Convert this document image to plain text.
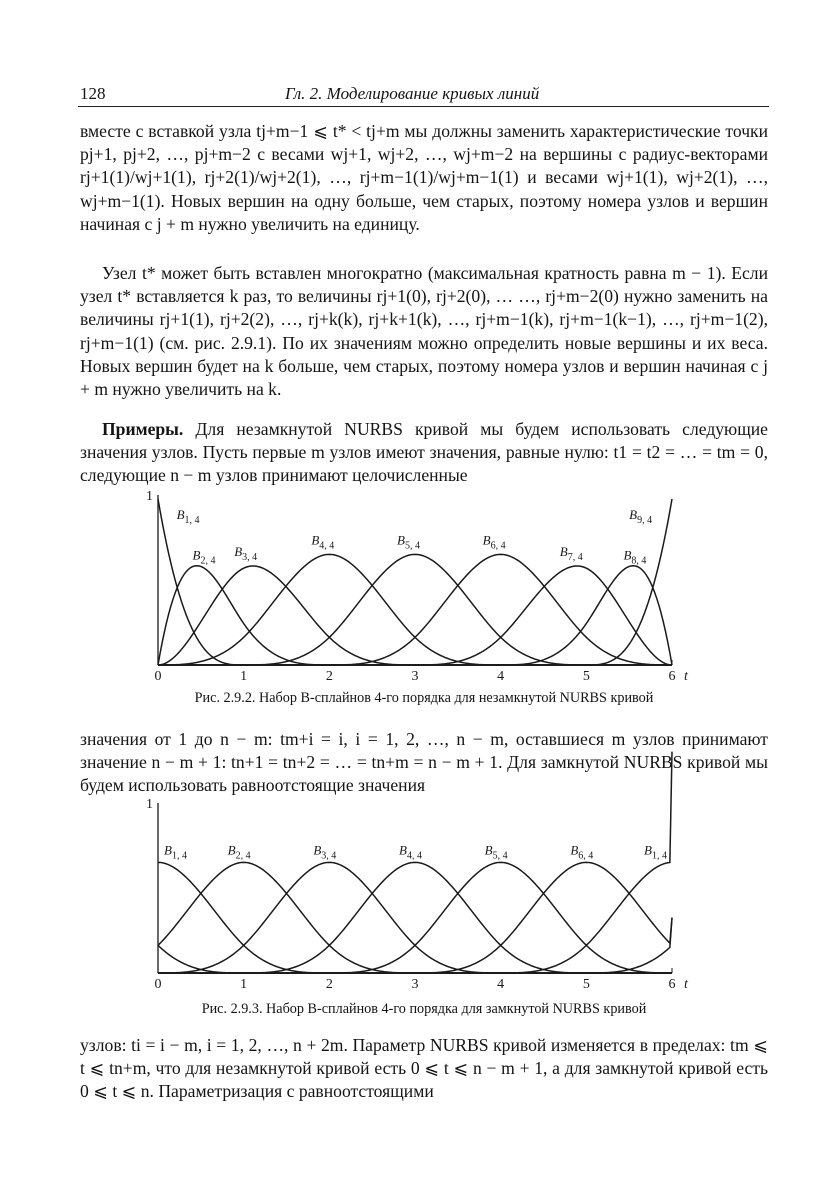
128	Гл. 2. Моделирование кривых линий

вместе с вставкой узла tj+m−1 ⩽ t* < tj+m мы должны заменить характеристические точки pj+1, pj+2, …, pj+m−2 с весами wj+1, wj+2, …, wj+m−2 на вершины с радиус-векторами rj+1(1)/wj+1(1), rj+2(1)/wj+2(1), …, rj+m−1(1)/wj+m−1(1) и весами wj+1(1), wj+2(1), …, wj+m−1(1). Новых вершин на одну больше, чем старых, поэтому номера узлов и вершин начиная с j + m нужно увеличить на единицу.

Узел t* может быть вставлен многократно (максимальная кратность равна m − 1). Если узел t* вставляется k раз, то величины rj+1(0), rj+2(0), … …, rj+m−2(0) нужно заменить на величины rj+1(1), rj+2(2), …, rj+k(k), rj+k+1(k), …, rj+m−1(k), rj+m−1(k−1), …, rj+m−1(2), rj+m−1(1) (см. рис. 2.9.1). По их значениям можно определить новые вершины и их веса. Новых вершин будет на k больше, чем старых, поэтому номера узлов и вершин начиная с j + m нужно увеличить на k.

Примеры. Для незамкнутой NURBS кривой мы будем использовать следующие значения узлов. Пусть первые m узлов имеют значения, равные нулю: t1 = t2 = … = tm = 0, следующие n − m узлов принимают целочисленные

0	1	2	3	4	5	6 t
1
$B_{1, 4}$
$B_{2, 4}$
$B_{3, 4}$
$B_{4, 4}$	$B_{5, 4}$	$B_{6, 4}$	$B_{7, 4}$	$B_{8, 4}$
$B_{9, 4}$
Рис. 2.9.2. Набор B-сплайнов 4-го порядка для незамкнутой NURBS кривой

значения от 1 до n − m: tm+i = i, i = 1, 2, …, n − m, оставшиеся m узлов принимают значение n − m + 1: tn+1 = tn+2 = … = tn+m = n − m + 1. Для замкнутой NURBS кривой мы будем использовать равноотстоящие значения

0	1	2	3	4	5	6 t
1
$B_{1, 4}$	$B_{2, 4}$	$B_{3, 4}$	$B_{4, 4}$	$B_{5, 4}$	$B_{6, 4}$	$B_{1, 4}$
Рис. 2.9.3. Набор B-сплайнов 4-го порядка для замкнутой NURBS кривой

узлов: ti = i − m, i = 1, 2, …, n + 2m. Параметр NURBS кривой изменяется в пределах: tm ⩽ t ⩽ tn+m, что для незамкнутой кривой есть 0 ⩽ t ⩽ n − m + 1, а для замкнутой кривой есть 0 ⩽ t ⩽ n. Параметризация с равноотстоящими
